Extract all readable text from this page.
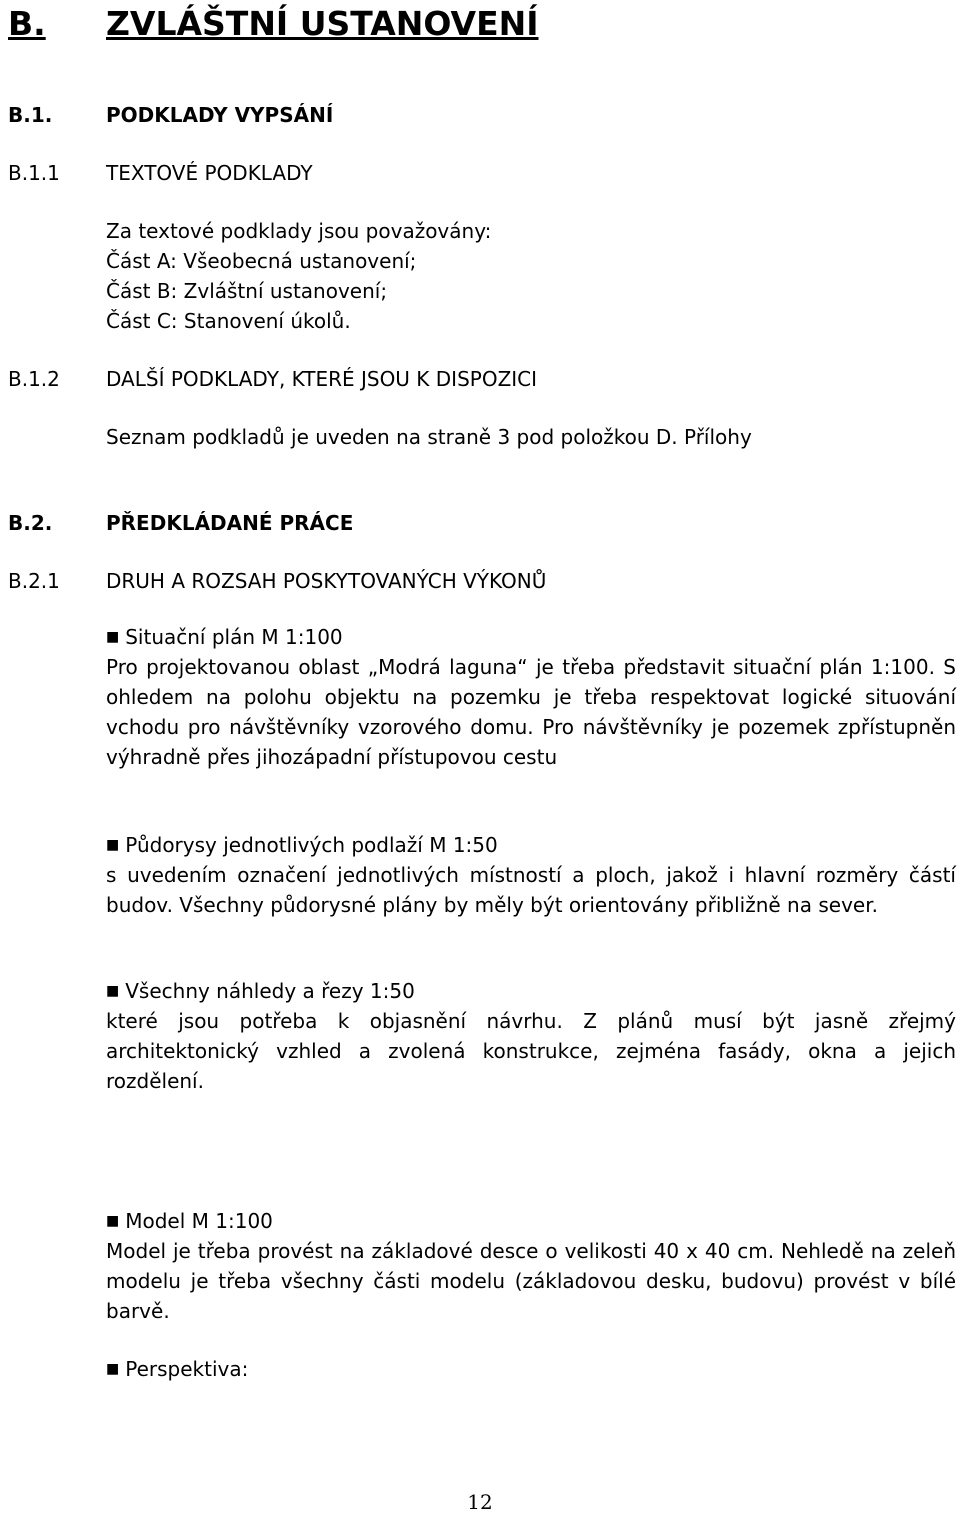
B. ZVLÁŠTNÍ USTANOVENÍ
B.1.	PODKLADY VYPSÁNÍ
B.1.1 TEXTOVÉ PODKLADY
Za textové podklady jsou považovány:
Část A: Všeobecná ustanovení;
Část B: Zvláštní ustanovení;
Část C: Stanovení úkolů.
B.1.2 DALŠÍ PODKLADY, KTERÉ JSOU K DISPOZICI
Seznam podkladů je uveden na straně 3 pod položkou D. Přílohy
B.2.	PŘEDKLÁDANÉ PRÁCE
B.2.1 DRUH A ROZSAH POSKYTOVANÝCH VÝKONŮ
■ Situační plán M 1:100

Pro projektovanou oblast „Modrá laguna“ je třeba představit situační plán 1:100. S ohledem na polohu objektu na pozemku je třeba respektovat logické situování vchodu pro návštěvníky vzorového domu. Pro návštěvníky je pozemek zpřístupněn výhradně přes jihozápadní přístupovou cestu

■ Půdorysy jednotlivých podlaží M 1:50

s uvedením označení jednotlivých místností a ploch, jakož i hlavní rozměry částí budov. Všechny půdorysné plány by měly být orientovány přibližně na sever.

■ Všechny náhledy a řezy 1:50

které jsou potřeba k objasnění návrhu. Z plánů musí být jasně zřejmý architektonický vzhled a zvolená konstrukce, zejména fasády, okna a jejich rozdělení.

■ Model M 1:100

Model je třeba provést na základové desce o velikosti 40 x 40 cm. Nehledě na zeleň modelu je třeba všechny části modelu (základovou desku, budovu) provést v bílé barvě.

■ Perspektiva:
12
